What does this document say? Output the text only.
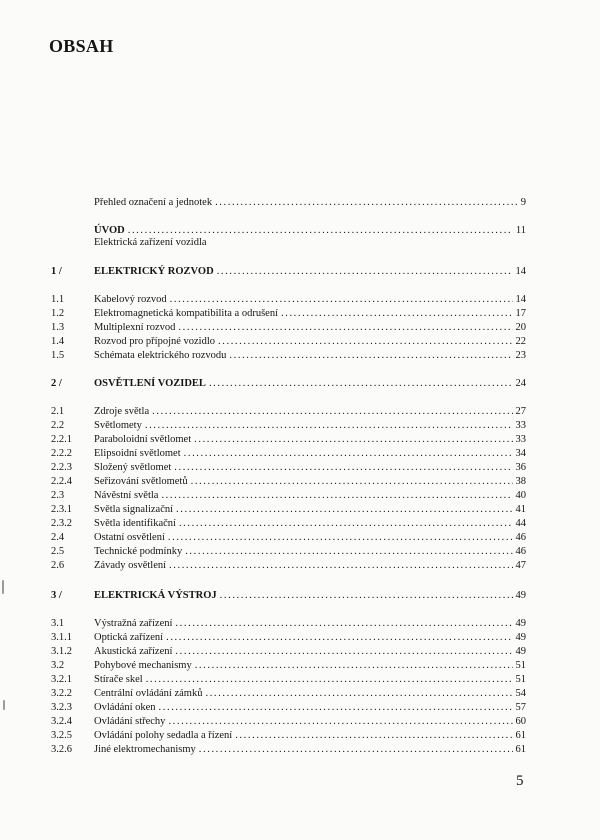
OBSAH
Přehled označení a jednotek .....	9
ÚVOD .....	11
1 /	ELEKTRICKÝ ROZVOD .....	14
1.1	Kabelový rozvod .....	14
1.2	Elektromagnetická kompatibilita a odrušení .....	17
1.3	Multiplexní rozvod .....	20
1.4	Rozvod pro přípojné vozidlo .....	22
1.5	Schémata elektrického rozvodu .....	23
2 /	OSVĚTLENÍ VOZIDEL .....	24
2.1	Zdroje světla .....	27
2.2	Světlomety .....	33
2.2.1 Paraboloidní světlomet .....	33
2.2.2 Elipsoidní světlomet .....	34
2.2.3 Složený světlomet .....	36
2.2.4 Seřizování světlometů .....	38
2.3	Návěstní světla .....	40
2.3.1 Světla signalizační .....	41
2.3.2 Světla identifikační .....	44
2.4	Ostatní osvětlení .....	46
2.5	Technické podmínky .....	46
2.6	Závady osvětlení .....	47
3 /	ELEKTRICKÁ VÝSTROJ .....	49
3.1	Výstražná zařízení .....	49
3.1.1 Optická zařízení .....	49
3.1.2 Akustická zařízení .....	49
3.2	Pohybové mechanismy .....	51
3.2.1 Stírače skel .....	51
3.2.2 Centrální ovládání zámků .....	54
3.2.3 Ovládání oken .....	57
3.2.4 Ovládání střechy .....	60
3.2.5 Ovládání polohy sedadla a řízení .....	61
3.2.6 Jiné elektromechanismy .....	61
Elektrická zařízení vozidla
5
